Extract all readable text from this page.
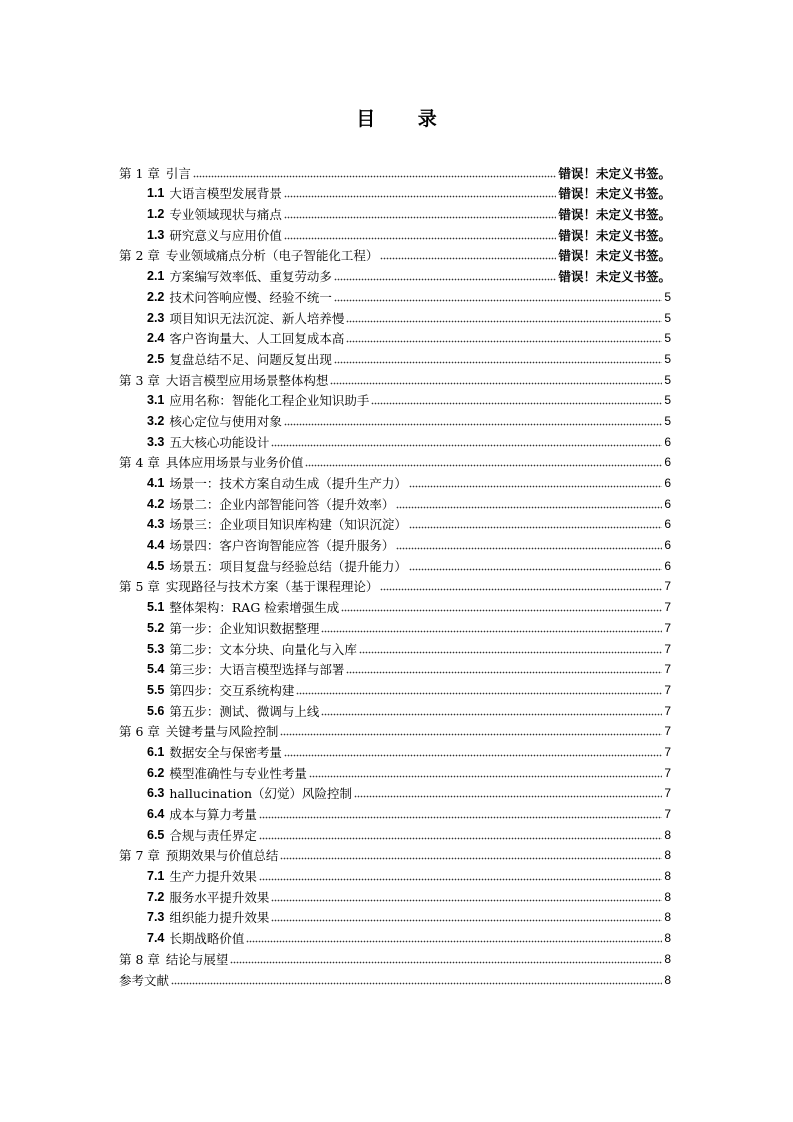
目 录
第 1 章 引言	错误！未定义书签。
1.1 大语言模型发展背景	错误！未定义书签。
1.2 专业领域现状与痛点	错误！未定义书签。
1.3 研究意义与应用价值	错误！未定义书签。
第 2 章 专业领域痛点分析（电子智能化工程）	错误！未定义书签。
2.1 方案编写效率低、重复劳动多	错误！未定义书签。
2.2 技术问答响应慢、经验不统一	5
2.3 项目知识无法沉淀、新人培养慢	5
2.4 客户咨询量大、人工回复成本高	5
2.5 复盘总结不足、问题反复出现	5
第 3 章 大语言模型应用场景整体构想	5
3.1 应用名称：智能化工程企业知识助手	5
3.2 核心定位与使用对象	5
3.3 五大核心功能设计	6
第 4 章 具体应用场景与业务价值	6
4.1 场景一：技术方案自动生成（提升生产力）	6
4.2 场景二：企业内部智能问答（提升效率）	6
4.3 场景三：企业项目知识库构建（知识沉淀）	6
4.4 场景四：客户咨询智能应答（提升服务）	6
4.5 场景五：项目复盘与经验总结（提升能力）	6
第 5 章 实现路径与技术方案（基于课程理论）	7
5.1 整体架构：RAG 检索增强生成	7
5.2 第一步：企业知识数据整理	7
5.3 第二步：文本分块、向量化与入库	7
5.4 第三步：大语言模型选择与部署	7
5.5 第四步：交互系统构建	7
5.6 第五步：测试、微调与上线	7
第 6 章 关键考量与风险控制	7
6.1 数据安全与保密考量	7
6.2 模型准确性与专业性考量	7
6.3 hallucination（幻觉）风险控制	7
6.4 成本与算力考量	7
6.5 合规与责任界定	8
第 7 章 预期效果与价值总结	8
7.1 生产力提升效果	8
7.2 服务水平提升效果	8
7.3 组织能力提升效果	8
7.4 长期战略价值	8
第 8 章 结论与展望	8
参考文献	8
